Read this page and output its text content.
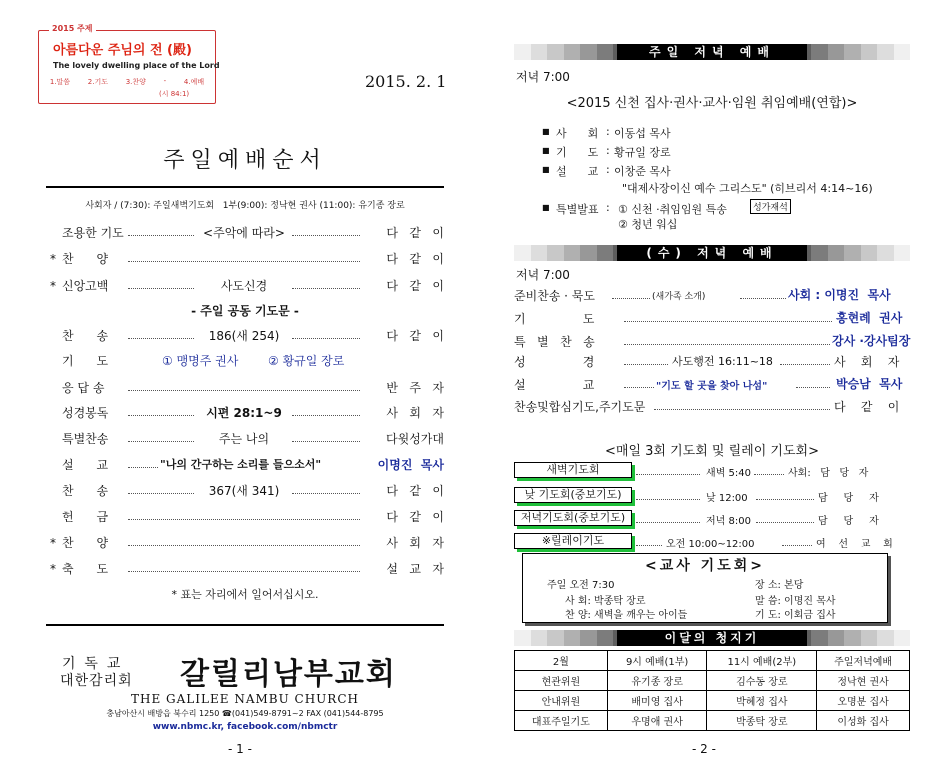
2015 주제
아름다운 주님의 전 (殿)
The lovely dwelling place of the Lord
1.말씀	2.기도	3.찬양	-	4.예배
(시 84:1)
2015. 2. 1
주일예배순서
사회자 / (7:30): 주일새벽기도회   1부(9:00): 정낙현 권사 (11:00): 유기종 장로
조용한 기도	<주악에 따라>	다   같   이
* 찬      양	다   같   이
* 신앙고백	사도신경	다   같   이
- 주일 공동 기도문 -
찬      송	186(새 254)	다   같   이
기      도	① 맹명주 권사 ② 황규일 장로
응 답 송	반   주   자
성경봉독	시편 28:1~9	사   회   자
특별찬송	주는 나의	다윗성가대
설      교	"나의 간구하는 소리를 들으소서"	이명진  목사
찬      송	367(새 341)	다   같   이
헌      금	다   같   이
* 찬      양	사   회   자
* 축      도	설   교   자
* 표는 자리에서 일어서십시오.
기  독  교
대한감리회 갈릴리남부교회
THE GALILEE NAMBU CHURCH
충남아산시 배방읍 북수리 1250 ☎(041)549-8791~2 FAX (041)544-8795
www.nbmc.kr, facebook.com/nbmctr
- 1 -
주일 저녁 예배
저녁 7:00
<2015 신천 집사·권사·교사·임원 취임예배(연합)>
■ 사      회 : 이동섭 목사
■ 기      도 : 황규일 장로
■ 설      교 : 이창준 목사
"대제사장이신 예수 그리스도" (히브리서 4:14~16)
■ 특별발표 : ① 신천 ·취임임원 특송	성가재석
② 청년 워십
(수) 저녁 예배
저녁 7:00
준비찬송 · 묵도	(새가족 소개)	사회 : 이명진  목사
기               도	홍현례  권사
특   별   찬   송	강사 ·강사팀장
성               경	사도행전 16:11~18	사    회    자
설               교	"기도 할 곳을 찾아 나섬"	박승남  목사
찬송및합심기도,주기도문	다    같    이
<매일 3회 기도회 및 릴레이 기도회>
새벽기도회	새벽 5:40	사회:   담   당   자
낮 기도회(중보기도)	낮 12:00	담     당     자
저녁기도회(중보기도)	저녁 8:00	담     당     자
※릴레이기도	오전 10:00~12:00	여    선    교    회
<교사 기도회>
주일 오전 7:30	장 소: 본당
사 회: 박종탁 장로	말 씀: 이명진 목사
찬 양: 새벽을 깨우는 아이들	기 도: 이회금 집사
이달의 청지기
2월	9시 예배(1부)	11시 예배(2부)	주일저녁예배
현관위원	유기종 장로	김수동 장로	정낙현 권사
안내위원	배미영 집사	박혜정 집사	오명분 집사
대표주일기도	우명애 권사	박종탁 장로	이성화 집사
- 2 -
